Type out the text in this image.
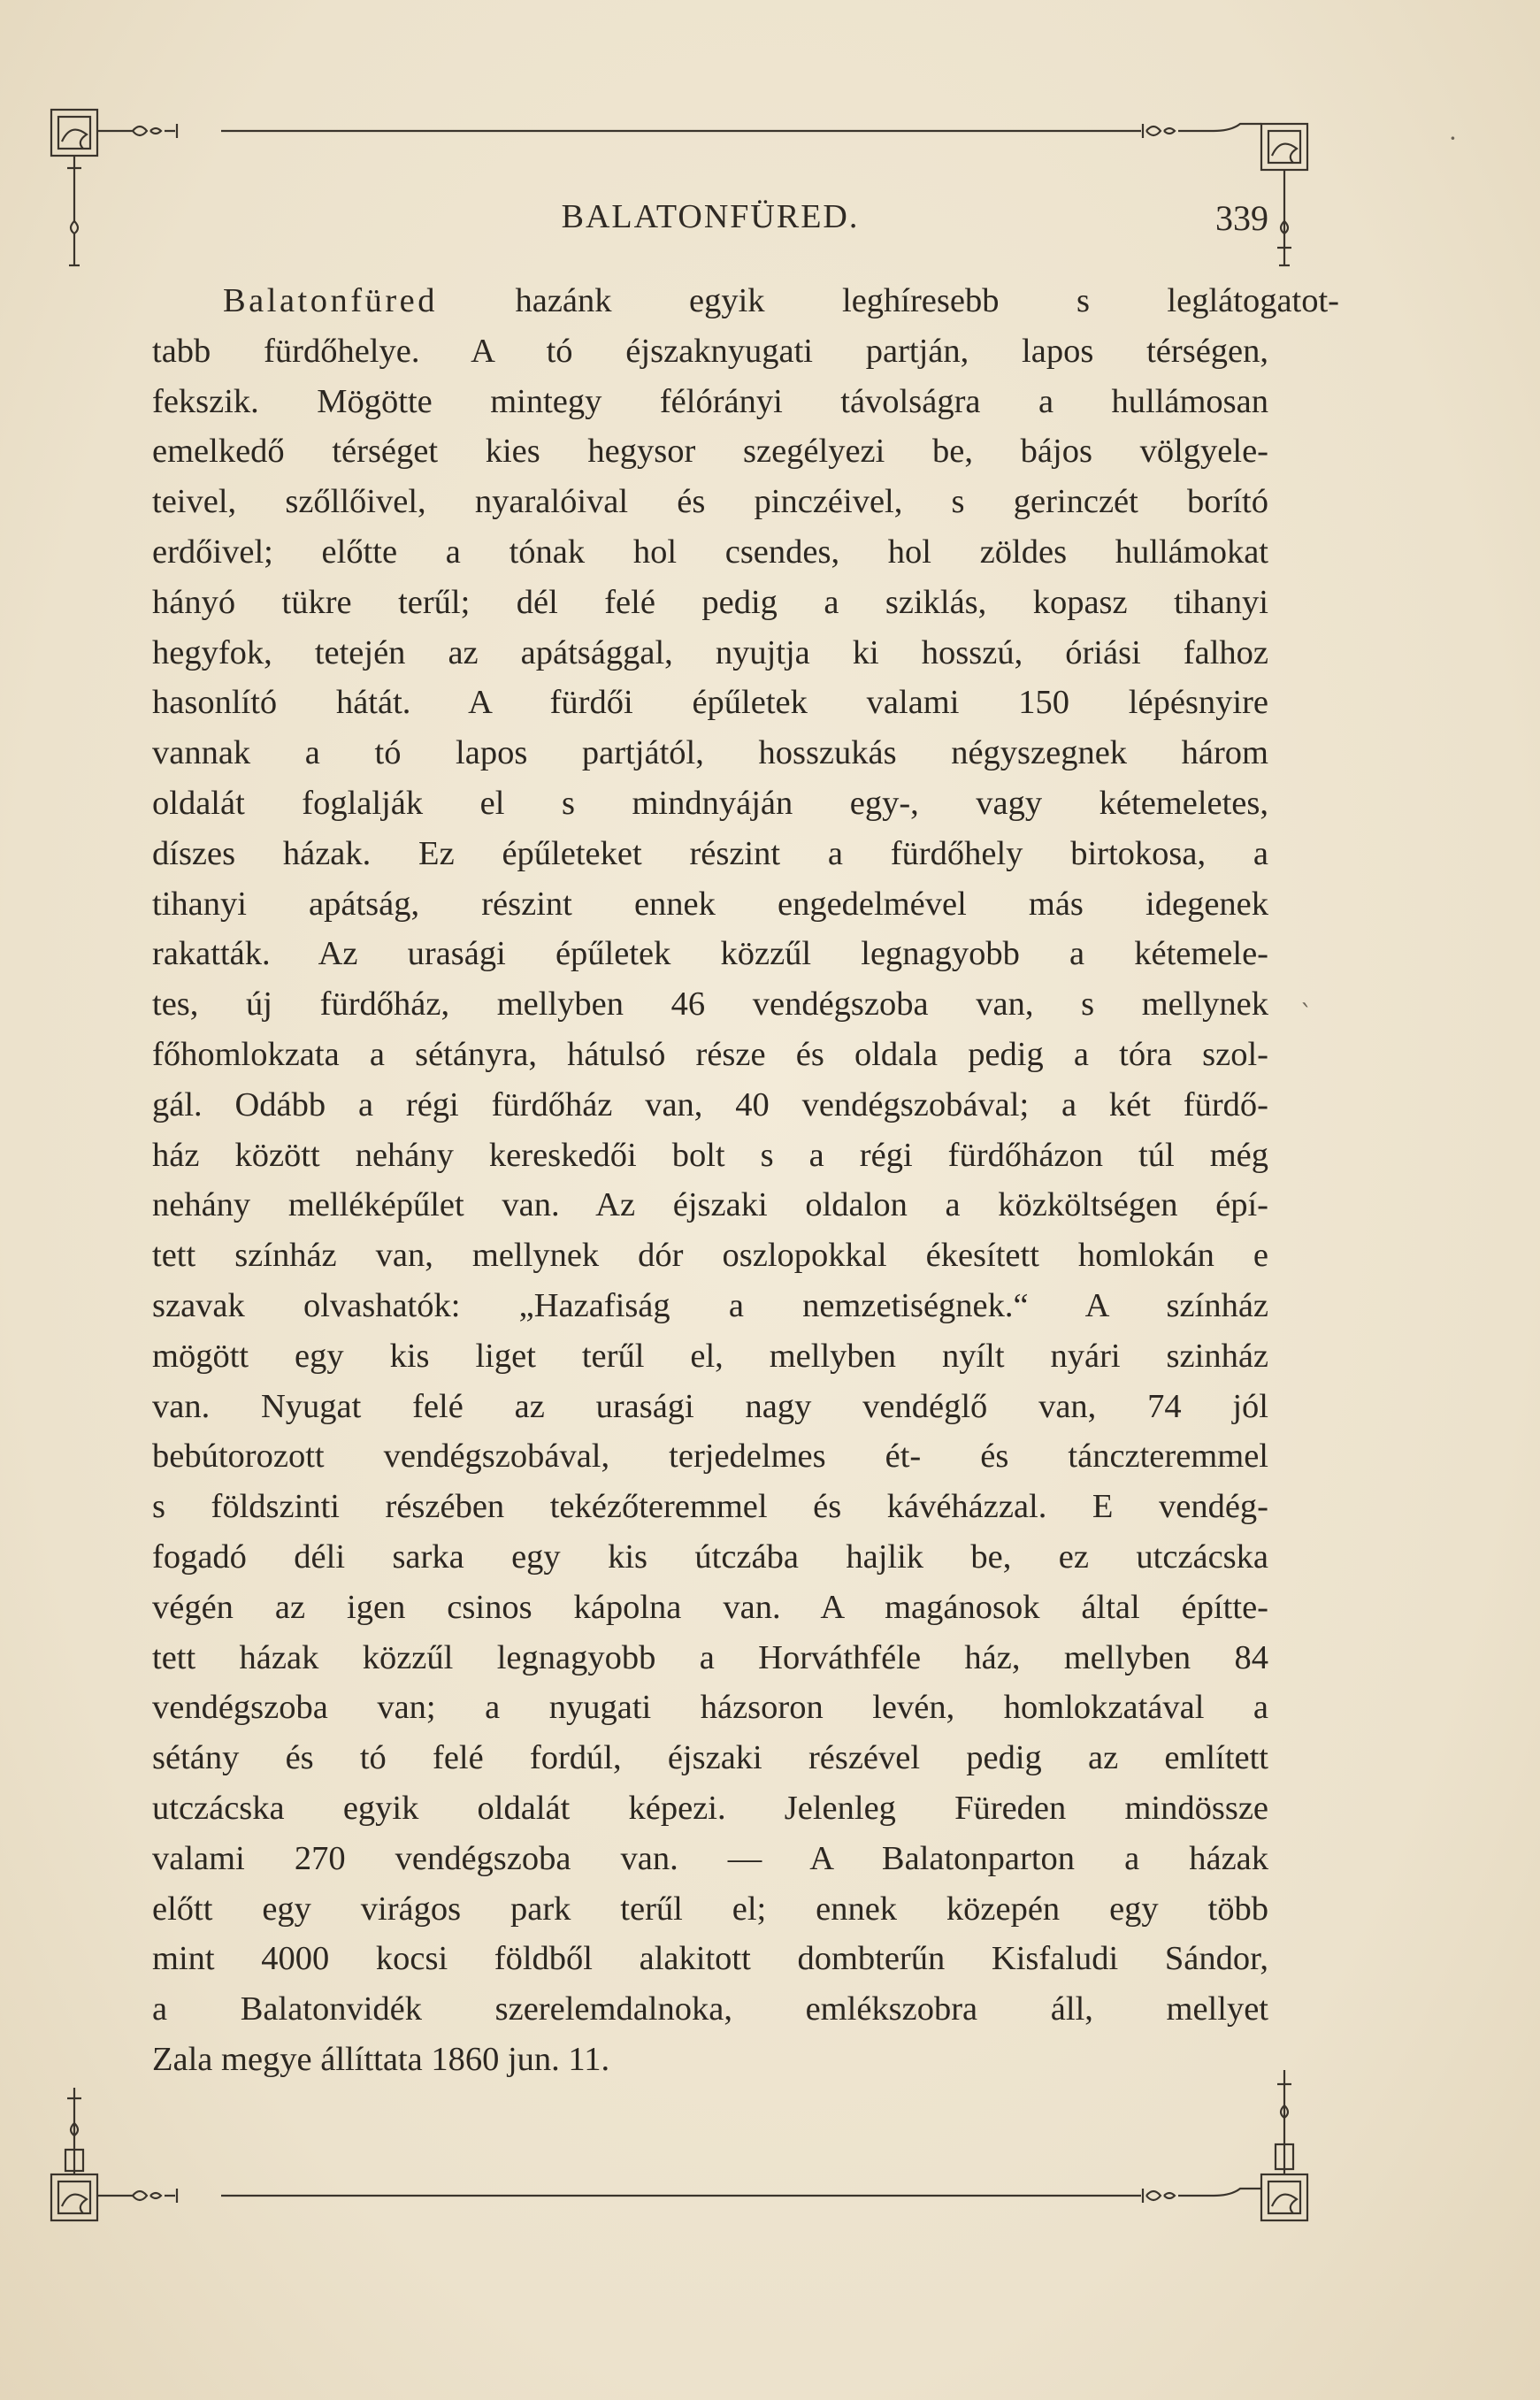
BALATONFÜRED.	339
Balatonfüred hazánk egyik leghíresebb s leglátogatot-
tabb fürdőhelye. A tó éjszaknyugati partján, lapos térségen,
fekszik. Mögötte mintegy félórányi távolságra a hullámosan
emelkedő térséget kies hegysor szegélyezi be, bájos völgyele-
teivel, szőllőivel, nyaralóival és pinczéivel, s gerinczét borító
erdőivel; előtte a tónak hol csendes, hol zöldes hullámokat
hányó tükre terűl; dél felé pedig a sziklás, kopasz tihanyi
hegyfok, tetején az apátsággal, nyujtja ki hosszú, óriási falhoz
hasonlító hátát. A fürdői épűletek valami 150 lépésnyire
vannak a tó lapos partjától, hosszukás négyszegnek három
oldalát foglalják el s mindnyáján egy-, vagy kétemeletes,
díszes házak. Ez épűleteket részint a fürdőhely birtokosa, a
tihanyi apátság, részint ennek engedelmével más idegenek
rakatták. Az urasági épűletek közzűl legnagyobb a kétemele-
tes, új fürdőház, mellyben 46 vendégszoba van, s mellynek
főhomlokzata a sétányra, hátulsó része és oldala pedig a tóra szol-
gál. Odább a régi fürdőház van, 40 vendégszobával; a két fürdő-
ház között nehány kereskedői bolt s a régi fürdőházon túl még
nehány melléképűlet van. Az éjszaki oldalon a közköltségen épí-
tett színház van, mellynek dór oszlopokkal ékesített homlokán e
szavak olvashatók: „Hazafiság a nemzetiségnek.“ A színház
mögött egy kis liget terűl el, mellyben nyílt nyári szinház
van. Nyugat felé az urasági nagy vendéglő van, 74 jól
bebútorozott vendégszobával, terjedelmes ét- és tánczteremmel
s földszinti részében tekézőteremmel és kávéházzal. E vendég-
fogadó déli sarka egy kis útczába hajlik be, ez utczácska
végén az igen csinos kápolna van. A magánosok által építte-
tett házak közzűl legnagyobb a Horváthféle ház, mellyben 84
vendégszoba van; a nyugati házsoron levén, homlokzatával a
sétány és tó felé fordúl, éjszaki részével pedig az említett
utczácska egyik oldalát képezi. Jelenleg Füreden mindössze
valami 270 vendégszoba van. — A Balatonparton a házak
előtt egy virágos park terűl el; ennek közepén egy több
mint 4000 kocsi földből alakitott dombterűn Kisfaludi Sándor,
a Balatonvidék szerelemdalnoka, emlékszobra áll, mellyet
Zala megye állíttata 1860 jun. 11.
·
ˋ
